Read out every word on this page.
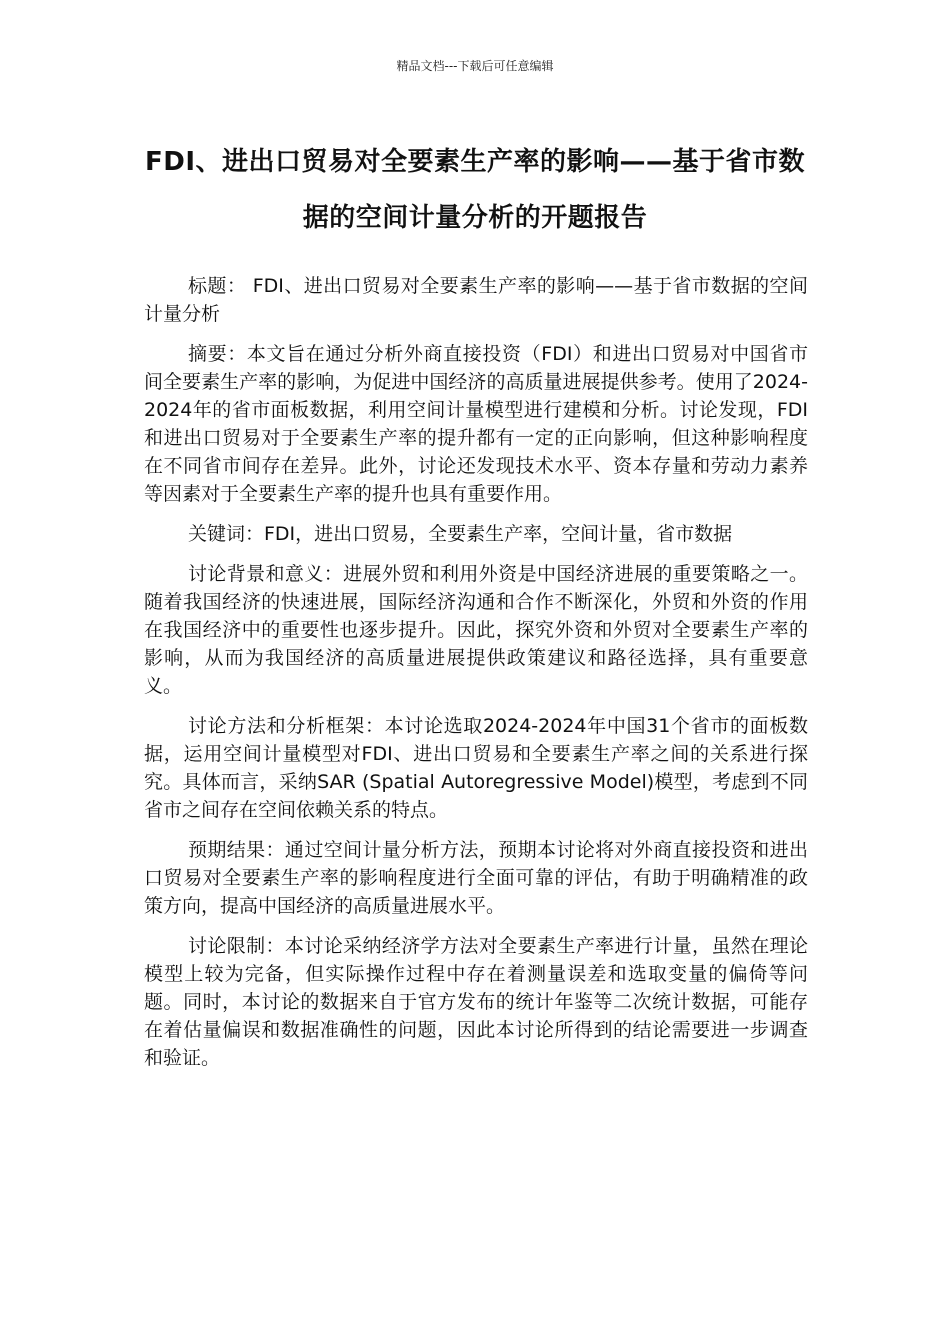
精品文档---下载后可任意编辑
FDI、进出口贸易对全要素生产率的影响——基于省市数据的空间计量分析的开题报告

标题： FDI、进出口贸易对全要素生产率的影响——基于省市数据的空间计量分析

摘要：本文旨在通过分析外商直接投资（FDI）和进出口贸易对中国省市间全要素生产率的影响，为促进中国经济的高质量进展提供参考。使用了2024-2024年的省市面板数据，利用空间计量模型进行建模和分析。讨论发现，FDI和进出口贸易对于全要素生产率的提升都有一定的正向影响，但这种影响程度在不同省市间存在差异。此外，讨论还发现技术水平、资本存量和劳动力素养等因素对于全要素生产率的提升也具有重要作用。

关键词：FDI，进出口贸易，全要素生产率，空间计量，省市数据

讨论背景和意义：进展外贸和利用外资是中国经济进展的重要策略之一。随着我国经济的快速进展，国际经济沟通和合作不断深化，外贸和外资的作用在我国经济中的重要性也逐步提升。因此，探究外资和外贸对全要素生产率的影响，从而为我国经济的高质量进展提供政策建议和路径选择，具有重要意义。

讨论方法和分析框架：本讨论选取2024-2024年中国31个省市的面板数据，运用空间计量模型对FDI、进出口贸易和全要素生产率之间的关系进行探究。具体而言，采纳SAR (Spatial Autoregressive Model)模型，考虑到不同省市之间存在空间依赖关系的特点。

预期结果：通过空间计量分析方法，预期本讨论将对外商直接投资和进出口贸易对全要素生产率的影响程度进行全面可靠的评估，有助于明确精准的政策方向，提高中国经济的高质量进展水平。

讨论限制：本讨论采纳经济学方法对全要素生产率进行计量，虽然在理论模型上较为完备，但实际操作过程中存在着测量误差和选取变量的偏倚等问题。同时，本讨论的数据来自于官方发布的统计年鉴等二次统计数据，可能存在着估量偏误和数据准确性的问题，因此本讨论所得到的结论需要进一步调查和验证。
